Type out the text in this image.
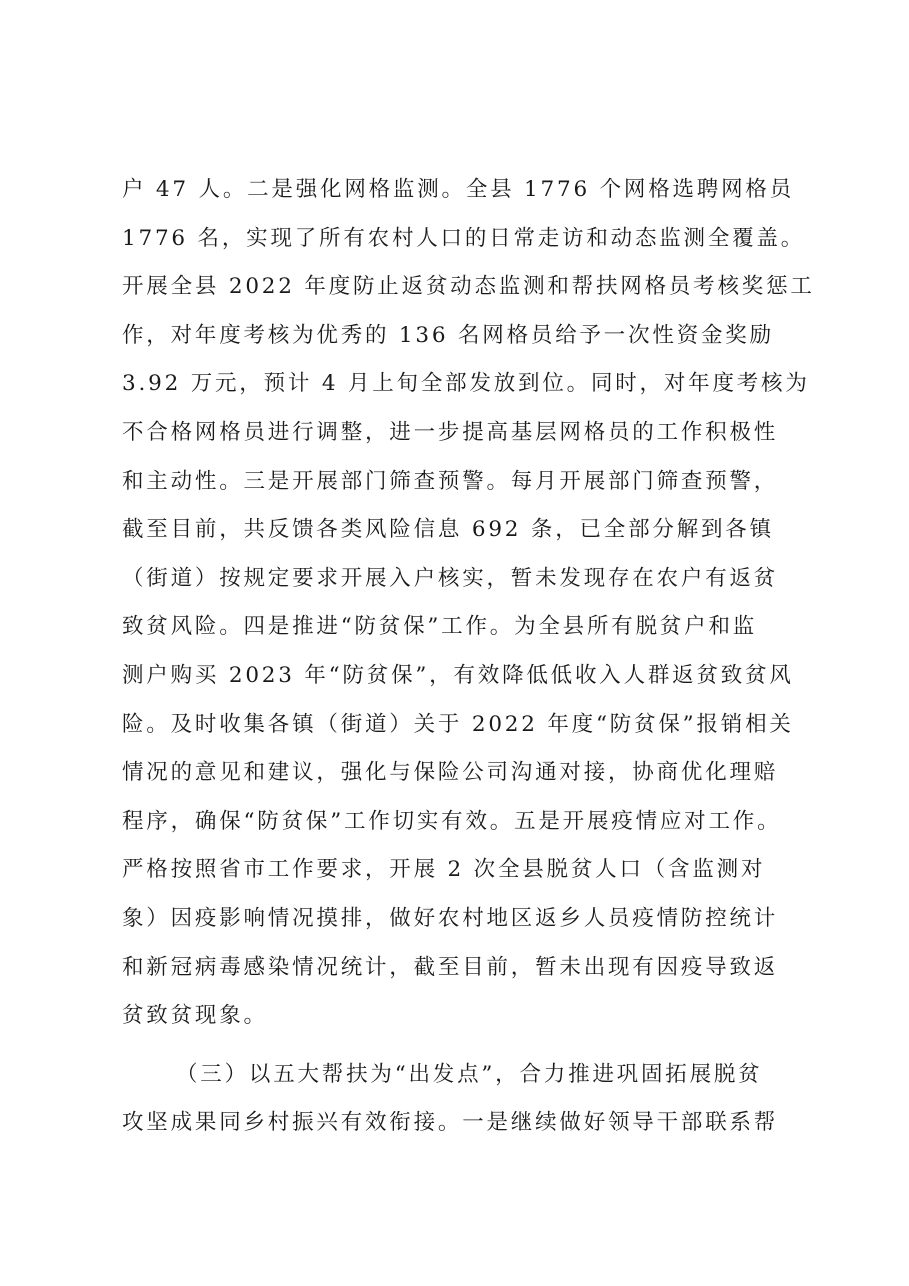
户 47 人。二是强化网格监测。全县 1776 个网格选聘网格员
1776 名，实现了所有农村人口的日常走访和动态监测全覆盖。
开展全县 2022 年度防止返贫动态监测和帮扶网格员考核奖惩工
作，对年度考核为优秀的 136 名网格员给予一次性资金奖励
3.92 万元，预计 4 月上旬全部发放到位。同时，对年度考核为
不合格网格员进行调整，进一步提高基层网格员的工作积极性
和主动性。三是开展部门筛查预警。每月开展部门筛查预警，
截至目前，共反馈各类风险信息 692 条，已全部分解到各镇
（街道）按规定要求开展入户核实，暂未发现存在农户有返贫
致贫风险。四是推进“防贫保”工作。为全县所有脱贫户和监
测户购买 2023 年“防贫保”，有效降低低收入人群返贫致贫风
险。及时收集各镇（街道）关于 2022 年度“防贫保”报销相关
情况的意见和建议，强化与保险公司沟通对接，协商优化理赔
程序，确保“防贫保”工作切实有效。五是开展疫情应对工作。
严格按照省市工作要求，开展 2 次全县脱贫人口（含监测对
象）因疫影响情况摸排，做好农村地区返乡人员疫情防控统计
和新冠病毒感染情况统计，截至目前，暂未出现有因疫导致返
贫致贫现象。
（三）以五大帮扶为“出发点”，合力推进巩固拓展脱贫
攻坚成果同乡村振兴有效衔接。一是继续做好领导干部联系帮
